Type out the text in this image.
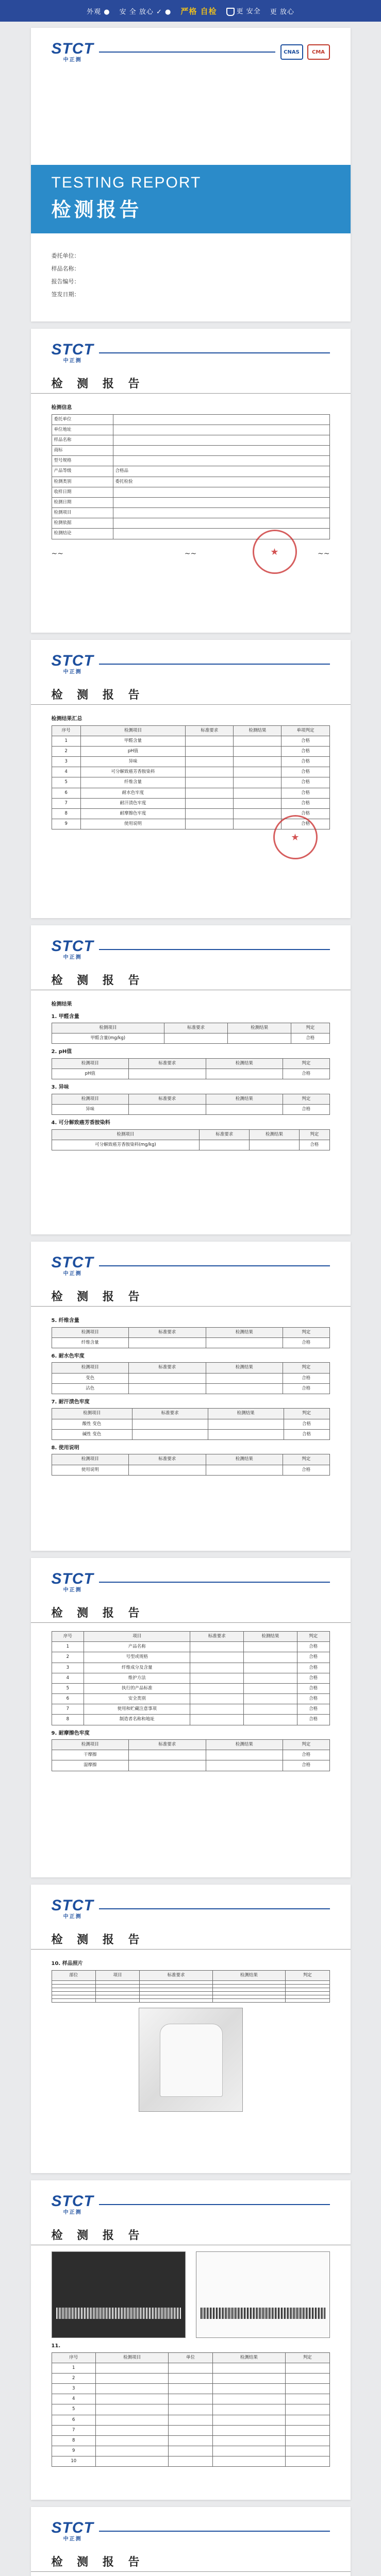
外观 ● 安 全 放心 ✓ ● 严格 自检	更 安全 更 放心
STCT
中正测
CNAS	CMA
TESTING REPORT
检测报告
委托单位：
样品名称：
报告编号：
签发日期：
STCT
中正测
检 测 报 告
检测信息
委托单位	
单位地址	
样品名称	
商标	
型号规格	
产品等级	合格品
检测类别	委托检验
收样日期	
检测日期	
检测项目	
检测依据	
检测结论	
~~	~~	~~
★
STCT
中正测
检 测 报 告
检测结果汇总
序号	检测项目	标准要求	检测结果	单项判定
1	甲醛含量			合格
2	pH值			合格
3	异味			合格
4	可分解致癌芳香胺染料			合格
5	纤维含量			合格
6	耐水色牢度			合格
7	耐汗渍色牢度			合格
8	耐摩擦色牢度			合格
9	使用说明			合格
★
STCT
中正测
检 测 报 告
检测结果
1. 甲醛含量
检测项目	标准要求	检测结果	判定
甲醛含量(mg/kg)			合格
2. pH值
检测项目	标准要求	检测结果	判定
pH值			合格
3. 异味
检测项目	标准要求	检测结果	判定
异味			合格
4. 可分解致癌芳香胺染料
检测项目	标准要求	检测结果	判定
可分解致癌芳香胺染料(mg/kg)			合格
STCT
中正测
检 测 报 告
5. 纤维含量
检测项目	标准要求	检测结果	判定
纤维含量			合格
6. 耐水色牢度
检测项目	标准要求	检测结果	判定
变色			合格
沾色			合格
7. 耐汗渍色牢度
检测项目	标准要求	检测结果	判定
酸性 变色			合格
碱性 变色			合格
8. 使用说明
检测项目	标准要求	检测结果	判定
使用说明			合格
STCT
中正测
检 测 报 告
序号	项目	标准要求	检测结果	判定
1	产品名称			合格
2	号型或规格			合格
3	纤维成分及含量			合格
4	维护方法			合格
5	执行的产品标准			合格
6	安全类别			合格
7	使用和贮藏注意事项			合格
8	制造者名称和地址			合格
9. 耐摩擦色牢度
检测项目	标准要求	检测结果	判定
干摩擦			合格
湿摩擦			合格
STCT
中正测
检 测 报 告
10. 样品照片
部位	项目	标准要求	检测结果	判定

STCT
中正测
检 测 报 告
11.
序号	检测项目	单位	检测结果	判定
1				
2				
3				
4				
5				
6				
7				
8				
9				
10				
STCT
中正测
检 测 报 告
